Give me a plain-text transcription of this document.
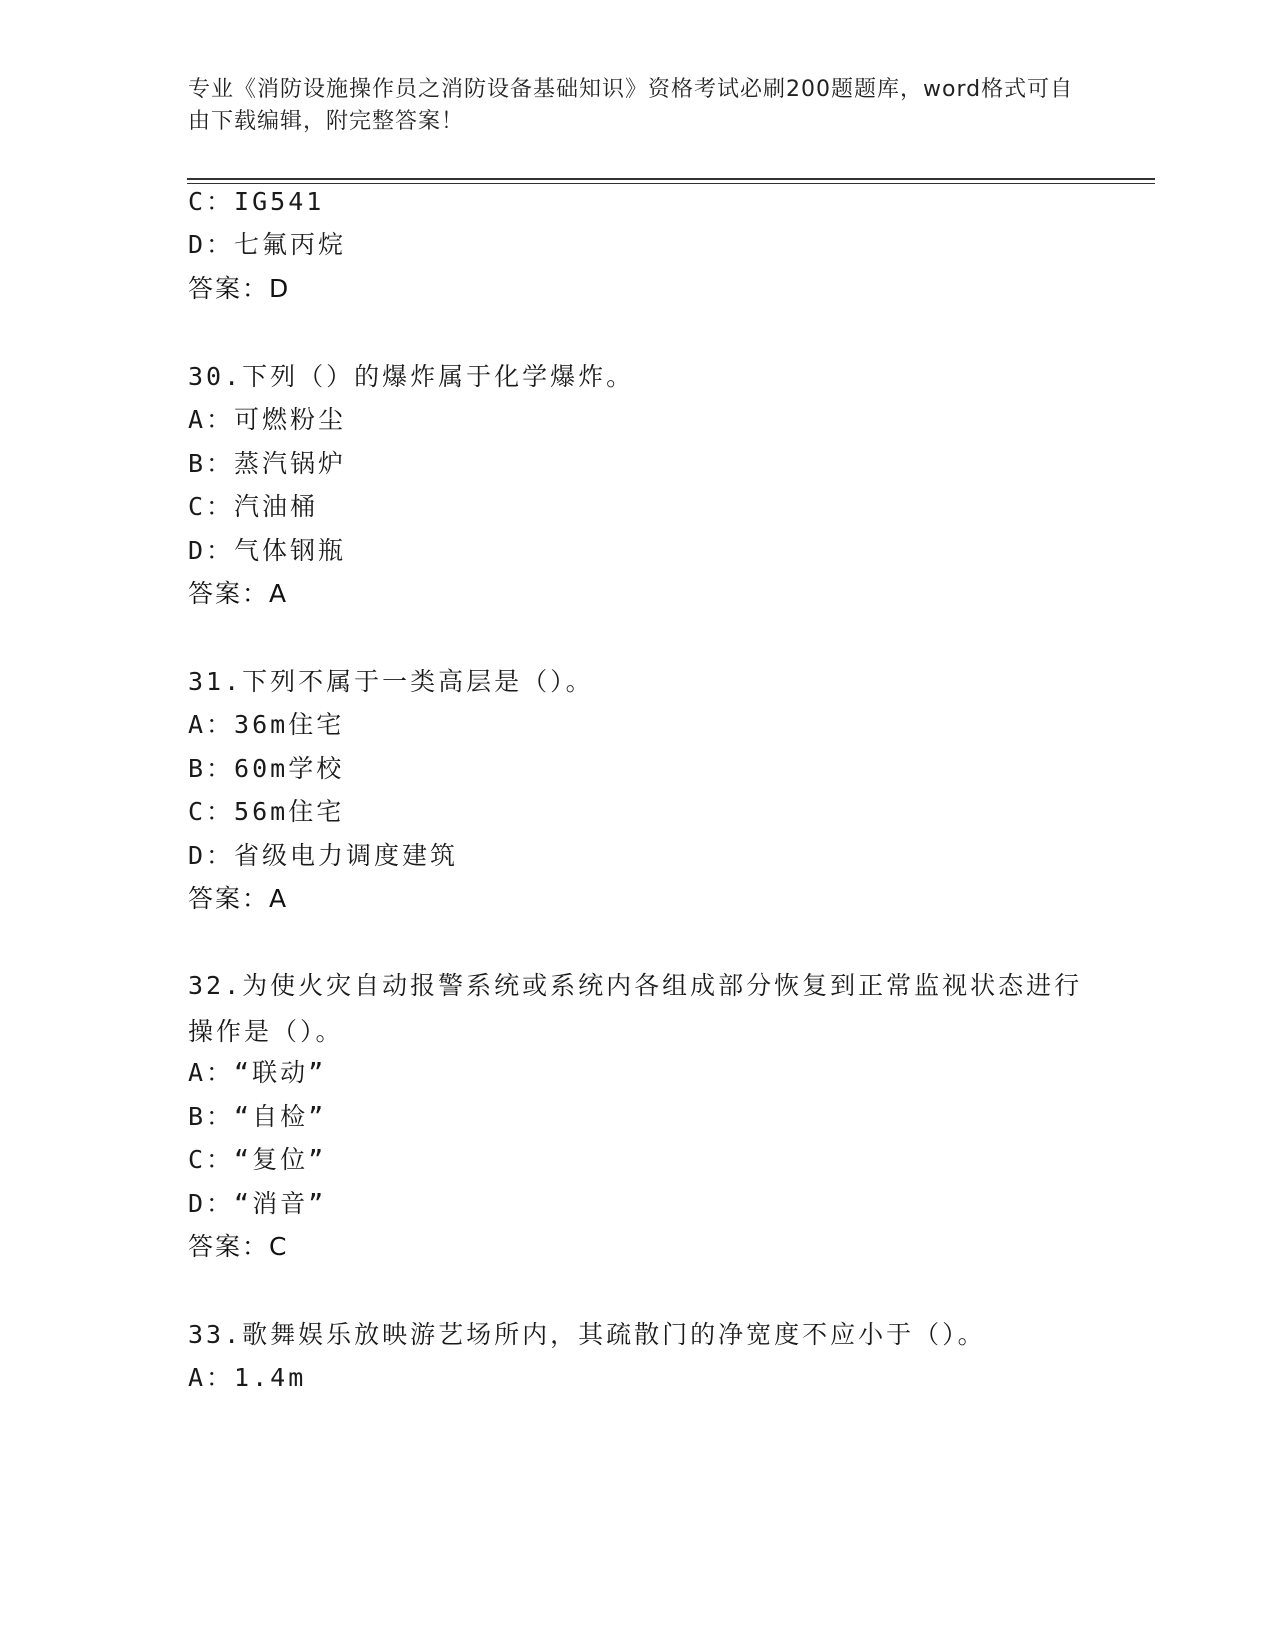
专业《消防设施操作员之消防设备基础知识》资格考试必刷200题题库，word格式可自由下载编辑，附完整答案！
C：IG541
D：七氟丙烷
答案：D
30.下列（）的爆炸属于化学爆炸。
A：可燃粉尘
B：蒸汽锅炉
C：汽油桶
D：气体钢瓶
答案：A
31.下列不属于一类高层是（）。
A：36m住宅
B：60m学校
C：56m住宅
D：省级电力调度建筑
答案：A
32.为使火灾自动报警系统或系统内各组成部分恢复到正常监视状态进行操作是（）。
A：“联动”
B：“自检”
C：“复位”
D：“消音”
答案：C
33.歌舞娱乐放映游艺场所内，其疏散门的净宽度不应小于（）。
A：1.4m
